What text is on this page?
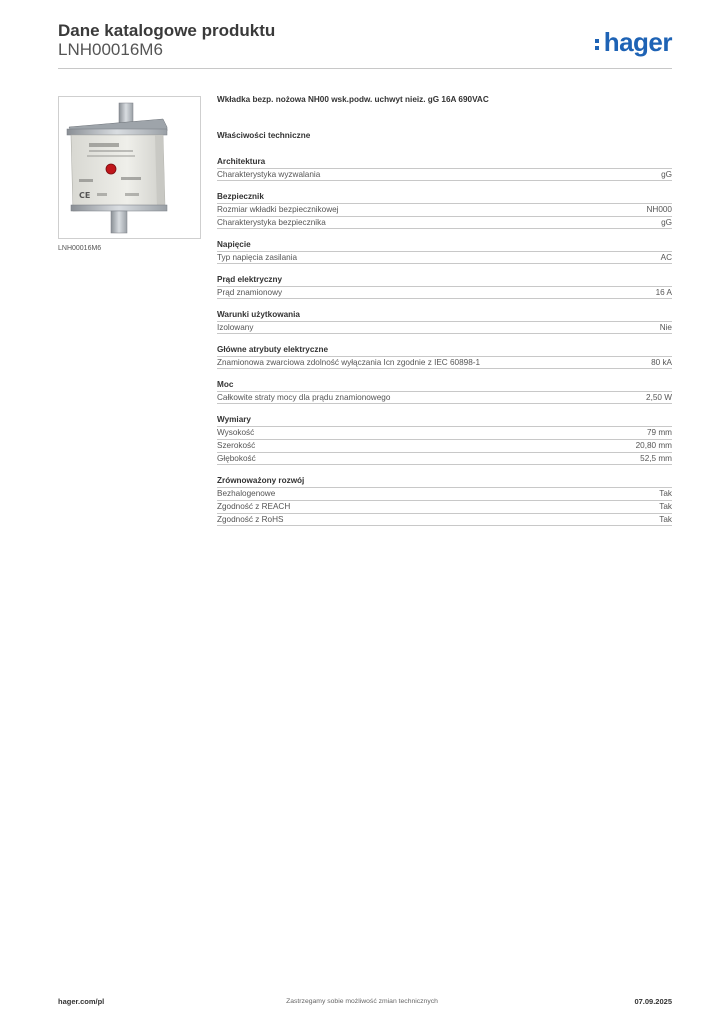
Dane katalogowe produktu
LNH00016M6	hager
CE
LNH00016M6
Wkładka bezp. nożowa NH00 wsk.podw. uchwyt nieiz. gG 16A 690VAC
Właściwości techniczne
Architektura
Charakterystyka wyzwalania	gG
Bezpiecznik
Rozmiar wkładki bezpiecznikowej	NH000
Charakterystyka bezpiecznika	gG
Napięcie
Typ napięcia zasilania	AC
Prąd elektryczny
Prąd znamionowy	16 A
Warunki użytkowania
Izolowany	Nie
Główne atrybuty elektryczne
Znamionowa zwarciowa zdolność wyłączania Icn zgodnie z IEC 60898-1	80 kA
Moc
Całkowite straty mocy dla prądu znamionowego	2,50 W
Wymiary
Wysokość	79 mm
Szerokość	20,80 mm
Głębokość	52,5 mm
Zrównoważony rozwój
Bezhalogenowe	Tak
Zgodność z REACH	Tak
Zgodność z RoHS	Tak
hager.com/pl	Zastrzegamy sobie możliwość zmian technicznych	07.09.2025
